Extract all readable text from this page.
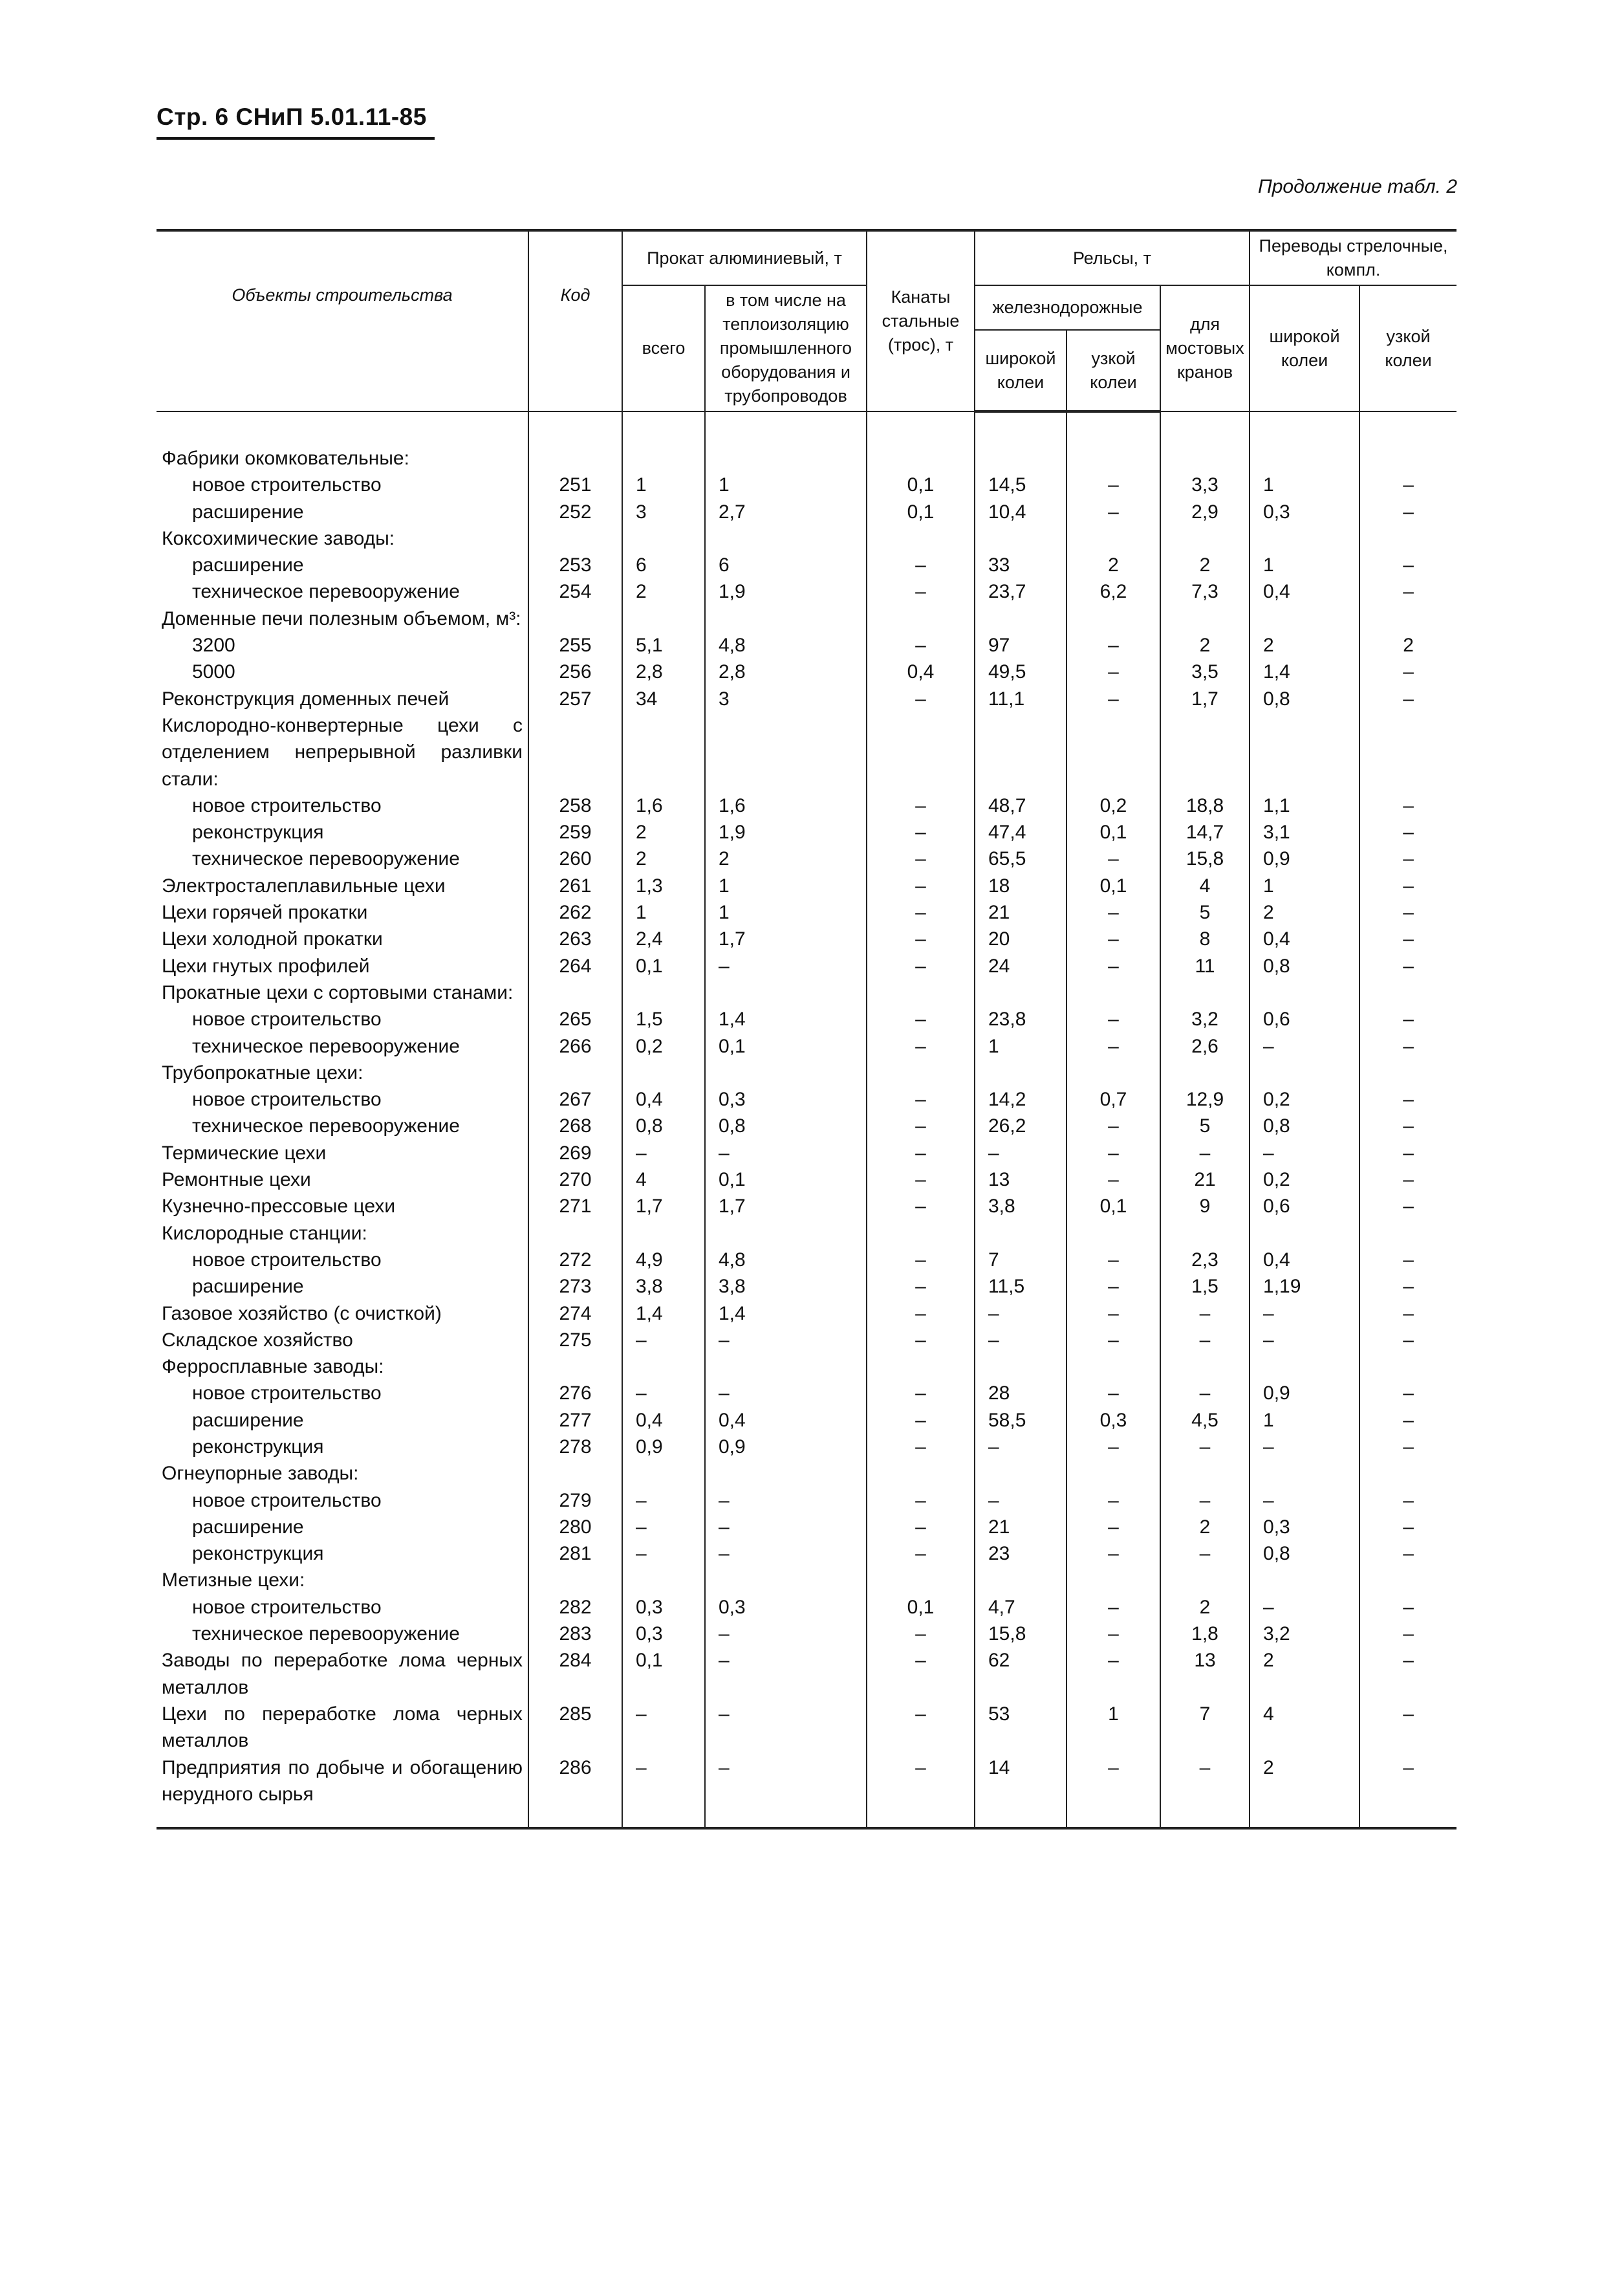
Стр. 6 СНиП 5.01.11-85
Продолжение табл. 2
Объекты строительства	Код	Прокат алюминиевый, т		Канаты стальные (трос), т	Рельсы, т			Переводы стрелочные, компл.	
		всего	в том числе на теплоизоляцию промышленного оборудования и трубопроводов		железнодорожные		для мостовых кранов	широкой колеи	узкой колеи
					широкой колеи	узкой колеи			

Фабрики окомковательные:									
новое строительство	251	1	1	0,1	14,5	–	3,3	1	–
расширение	252	3	2,7	0,1	10,4	–	2,9	0,3	–
Коксохимические заводы:									
расширение	253	6	6	–	33	2	2	1	–
техническое перевооружение	254	2	1,9	–	23,7	6,2	7,3	0,4	–
Доменные печи полезным объемом, м³:									
3200	255	5,1	4,8	–	97	–	2	2	2
5000	256	2,8	2,8	0,4	49,5	–	3,5	1,4	–
Реконструкция доменных печей	257	34	3	–	11,1	–	1,7	0,8	–
Кислородно-конвертерные цехи с отделением непрерывной разливки стали:									
новое строительство	258	1,6	1,6	–	48,7	0,2	18,8	1,1	–
реконструкция	259	2	1,9	–	47,4	0,1	14,7	3,1	–
техническое перевооружение	260	2	2	–	65,5	–	15,8	0,9	–
Электросталеплавильные цехи	261	1,3	1	–	18	0,1	4	1	–
Цехи горячей прокатки	262	1	1	–	21	–	5	2	–
Цехи холодной прокатки	263	2,4	1,7	–	20	–	8	0,4	–
Цехи гнутых профилей	264	0,1	–	–	24	–	11	0,8	–
Прокатные цехи с сортовыми станами:									
новое строительство	265	1,5	1,4	–	23,8	–	3,2	0,6	–
техническое перевооружение	266	0,2	0,1	–	1	–	2,6	–	–
Трубопрокатные цехи:									
новое строительство	267	0,4	0,3	–	14,2	0,7	12,9	0,2	–
техническое перевооружение	268	0,8	0,8	–	26,2	–	5	0,8	–
Термические цехи	269	–	–	–	–	–	–	–	–
Ремонтные цехи	270	4	0,1	–	13	–	21	0,2	–
Кузнечно-прессовые цехи	271	1,7	1,7	–	3,8	0,1	9	0,6	–
Кислородные станции:									
новое строительство	272	4,9	4,8	–	7	–	2,3	0,4	–
расширение	273	3,8	3,8	–	11,5	–	1,5	1,19	–
Газовое хозяйство (с очисткой)	274	1,4	1,4	–	–	–	–	–	–
Складское хозяйство	275	–	–	–	–	–	–	–	–
Ферросплавные заводы:									
новое строительство	276	–	–	–	28	–	–	0,9	–
расширение	277	0,4	0,4	–	58,5	0,3	4,5	1	–
реконструкция	278	0,9	0,9	–	–	–	–	–	–
Огнеупорные заводы:									
новое строительство	279	–	–	–	–	–	–	–	–
расширение	280	–	–	–	21	–	2	0,3	–
реконструкция	281	–	–	–	23	–	–	0,8	–
Метизные цехи:									
новое строительство	282	0,3	0,3	0,1	4,7	–	2	–	–
техническое перевооружение	283	0,3	–	–	15,8	–	1,8	3,2	–
Заводы по переработке лома черных металлов	284	0,1	–	–	62	–	13	2	–
Цехи по переработке лома черных металлов	285	–	–	–	53	1	7	4	–
Предприятия по добыче и обогащению нерудного сырья	286	–	–	–	14	–	–	2	–
